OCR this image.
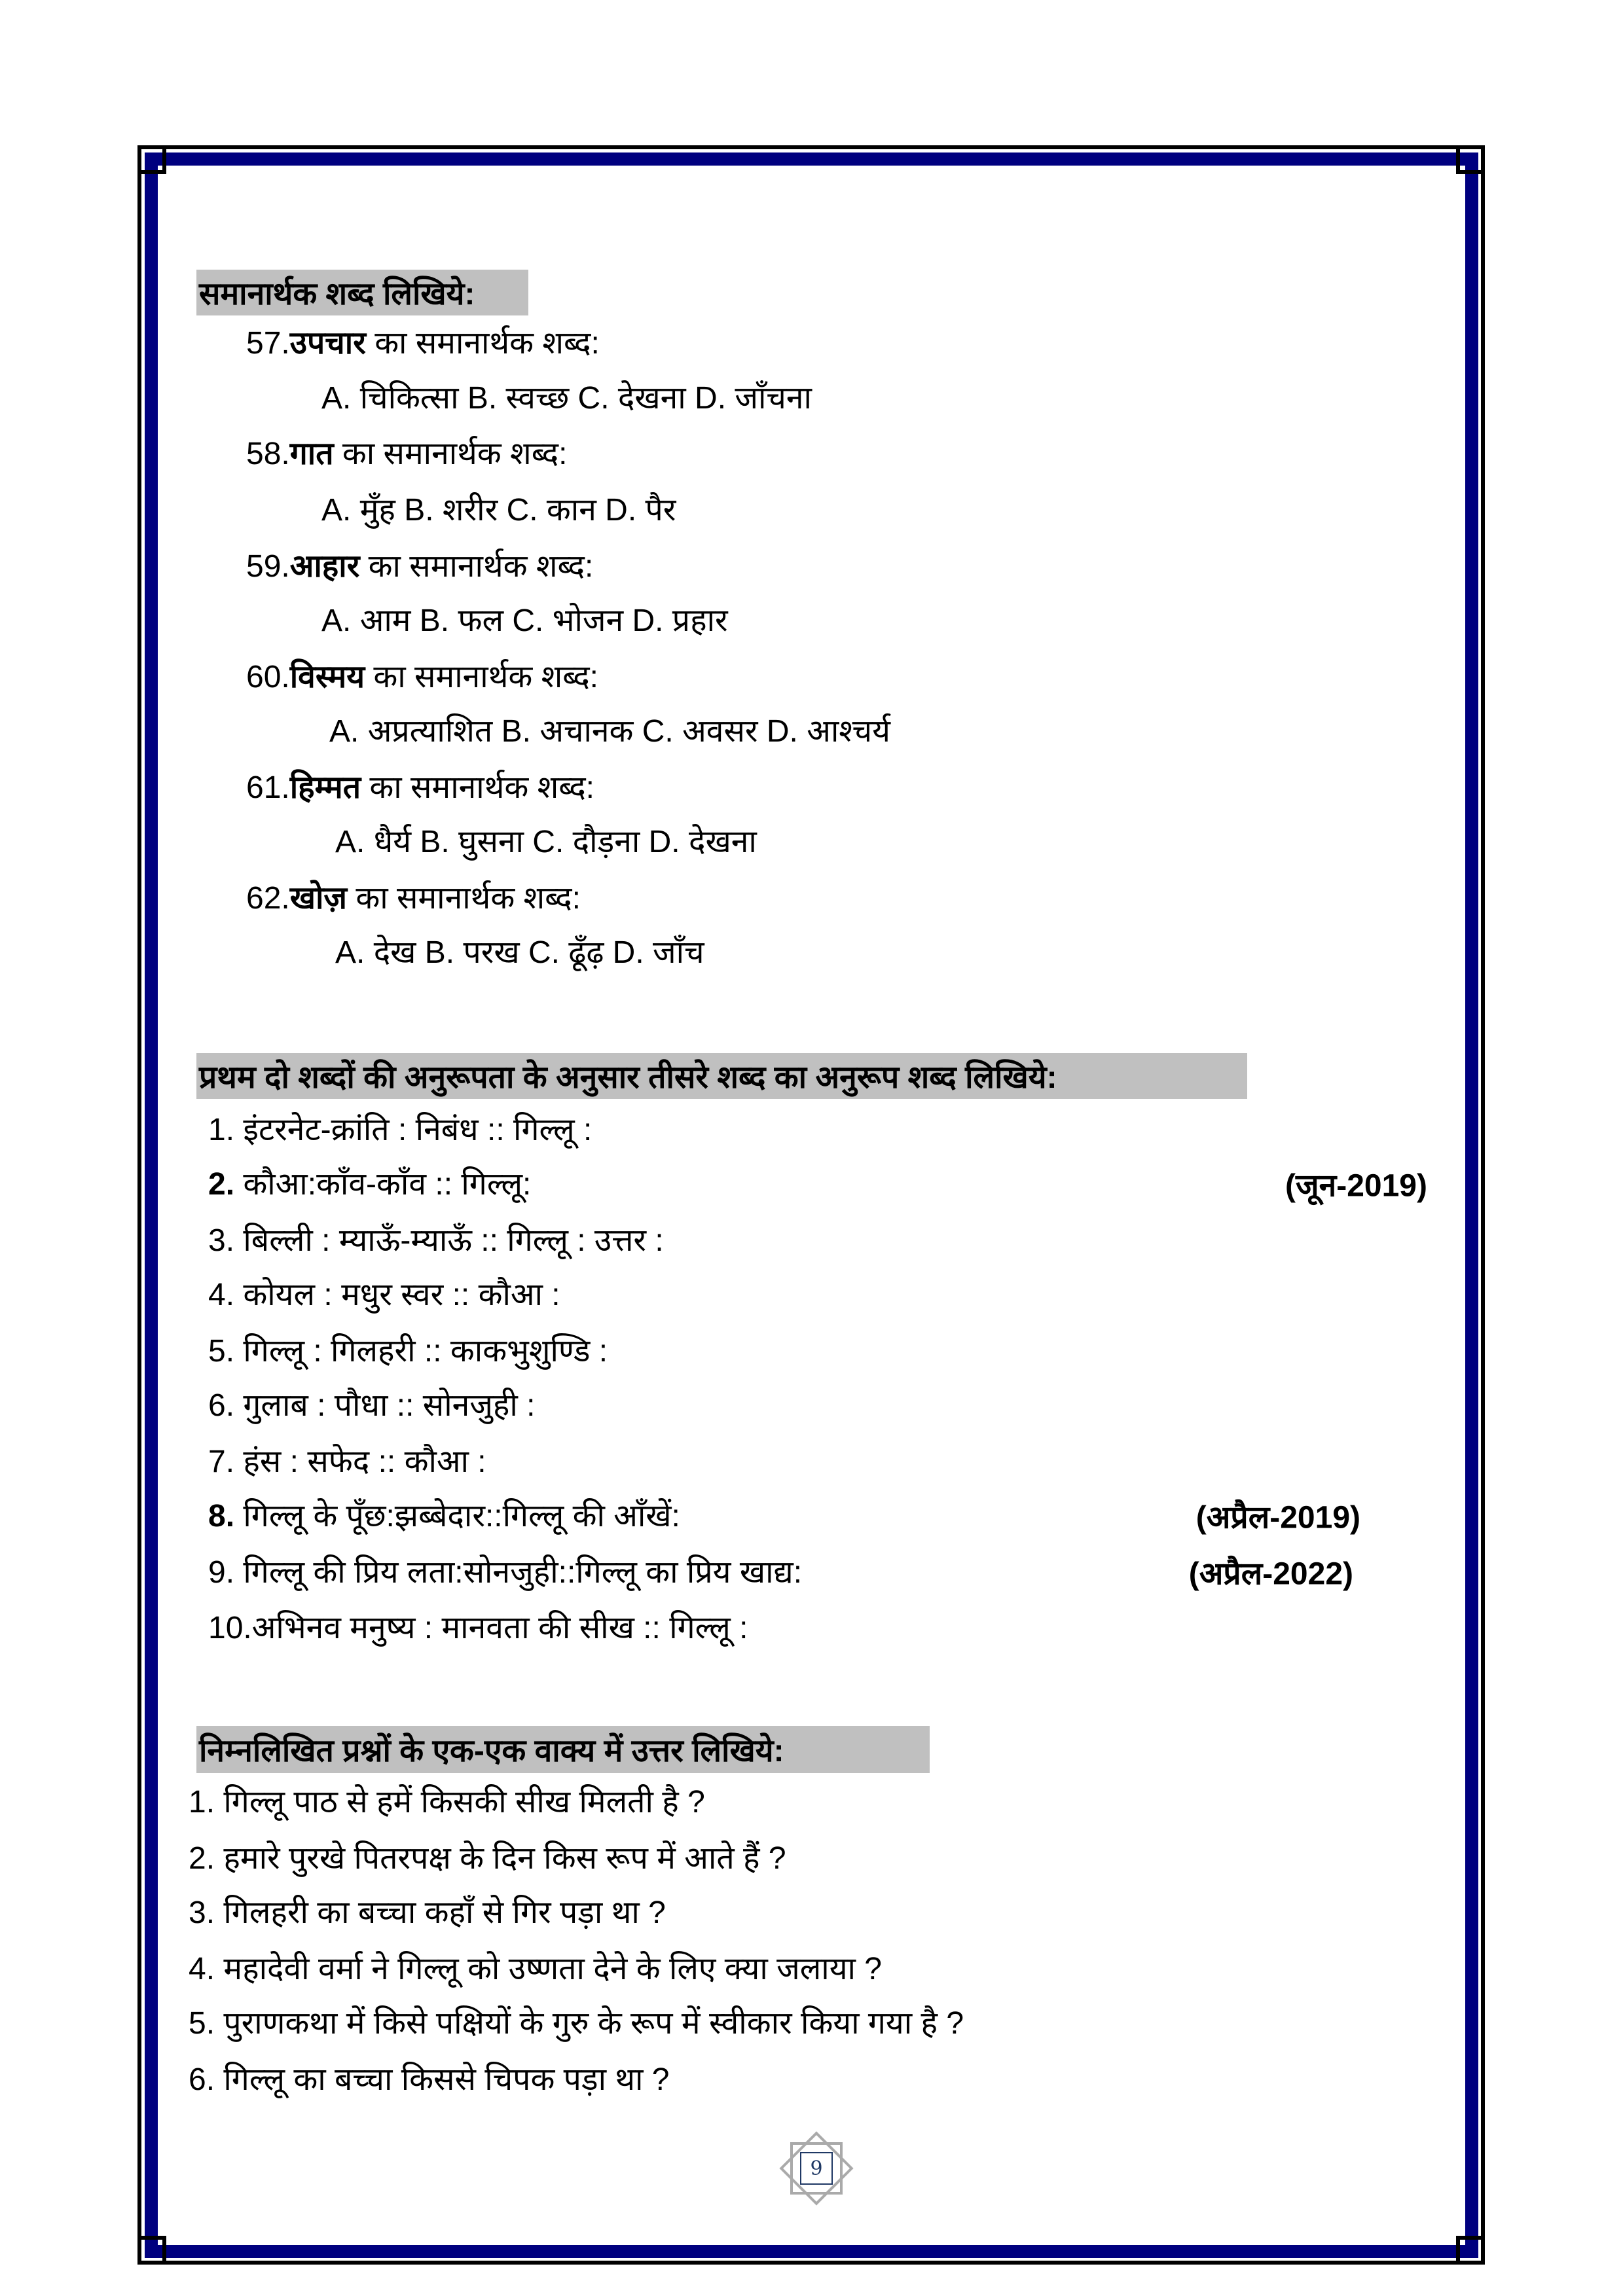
समानार्थक शब्द लिखिये:
57.उपचार का समानार्थक शब्द:
A. चिकित्सा B. स्वच्छ C. देखना D. जाँचना
58.गात का समानार्थक शब्द:
A. मुँह B. शरीर C. कान D. पैर
59.आहार का समानार्थक शब्द:
A. आम B. फल C. भोजन D. प्रहार
60.विस्मय का समानार्थक शब्द:
A. अप्रत्याशित B. अचानक C. अवसर D. आश्चर्य
61.हिम्मत का समानार्थक शब्द:
A. धैर्य B. घुसना C. दौड़ना D. देखना
62.खोज़ का समानार्थक शब्द:
A. देख B. परख C. ढूँढ़ D. जाँच
प्रथम दो शब्दों की अनुरूपता के अनुसार तीसरे शब्द का अनुरूप शब्द लिखिये:
1. इंटरनेट-क्रांति : निबंध :: गिल्लू :
2. कौआ:काँव-काँव :: गिल्लू:	(जून-2019)
3. बिल्ली : म्याऊँ-म्याऊँ :: गिल्लू : उत्तर :
4. कोयल : मधुर स्वर :: कौआ :
5. गिल्लू : गिलहरी :: काकभुशुण्डि :
6. गुलाब : पौधा :: सोनजुही :
7. हंस : सफेद :: कौआ :
8. गिल्लू के पूँछ:झब्बेदार::गिल्लू की आँखें:	(अप्रैल-2019)
9. गिल्लू की प्रिय लता:सोनजुही::गिल्लू का प्रिय खाद्य:	(अप्रैल-2022)
10.अभिनव मनुष्य : मानवता की सीख :: गिल्लू :
निम्नलिखित प्रश्नों के एक-एक वाक्य में उत्तर लिखिये:
1. गिल्लू पाठ से हमें किसकी सीख मिलती है ?
2. हमारे पुरखे पितरपक्ष के दिन किस रूप में आते हैं ?
3. गिलहरी का बच्चा कहाँ से गिर पड़ा था ?
4. महादेवी वर्मा ने गिल्लू को उष्णता देने के लिए क्या जलाया ?
5. पुराणकथा में किसे पक्षियों के गुरु के रूप में स्वीकार किया गया है ?
6. गिल्लू का बच्चा किससे चिपक पड़ा था ?
9
